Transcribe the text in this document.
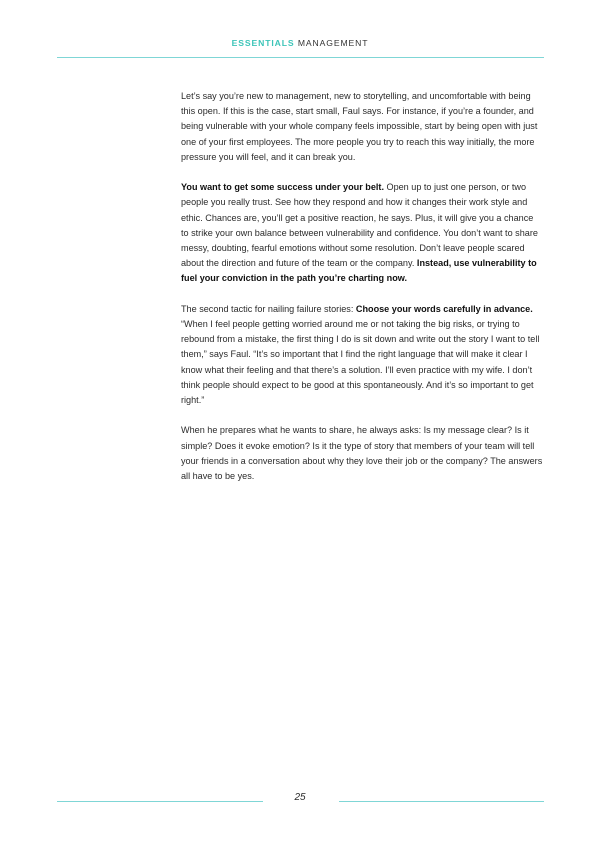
ESSENTIALS MANAGEMENT

Let’s say you’re new to management, new to storytelling, and uncomfortable with being this open. If this is the case, start small, Faul says. For instance, if you’re a founder, and being vulnerable with your whole company feels impossible, start by being open with just one of your first employees. The more people you try to reach this way initially, the more pressure you will feel, and it can break you.

You want to get some success under your belt. Open up to just one person, or two people you really trust. See how they respond and how it changes their work style and ethic. Chances are, you’ll get a positive reaction, he says. Plus, it will give you a chance to strike your own balance between vulnerability and confidence. You don’t want to share messy, doubting, fearful emotions without some resolution. Don’t leave people scared about the direction and future of the team or the company. Instead, use vulnerability to fuel your conviction in the path you’re charting now.

The second tactic for nailing failure stories: Choose your words carefully in advance. “When I feel people getting worried around me or not taking the big risks, or trying to rebound from a mistake, the first thing I do is sit down and write out the story I want to tell them,” says Faul. “It’s so important that I find the right language that will make it clear I know what their feeling and that there’s a solution. I’ll even practice with my wife. I don’t think people should expect to be good at this spontaneously. And it’s so important to get right.”

When he prepares what he wants to share, he always asks: Is my message clear? Is it simple? Does it evoke emotion? Is it the type of story that members of your team will tell your friends in a conversation about why they love their job or the company? The answers all have to be yes.

25
